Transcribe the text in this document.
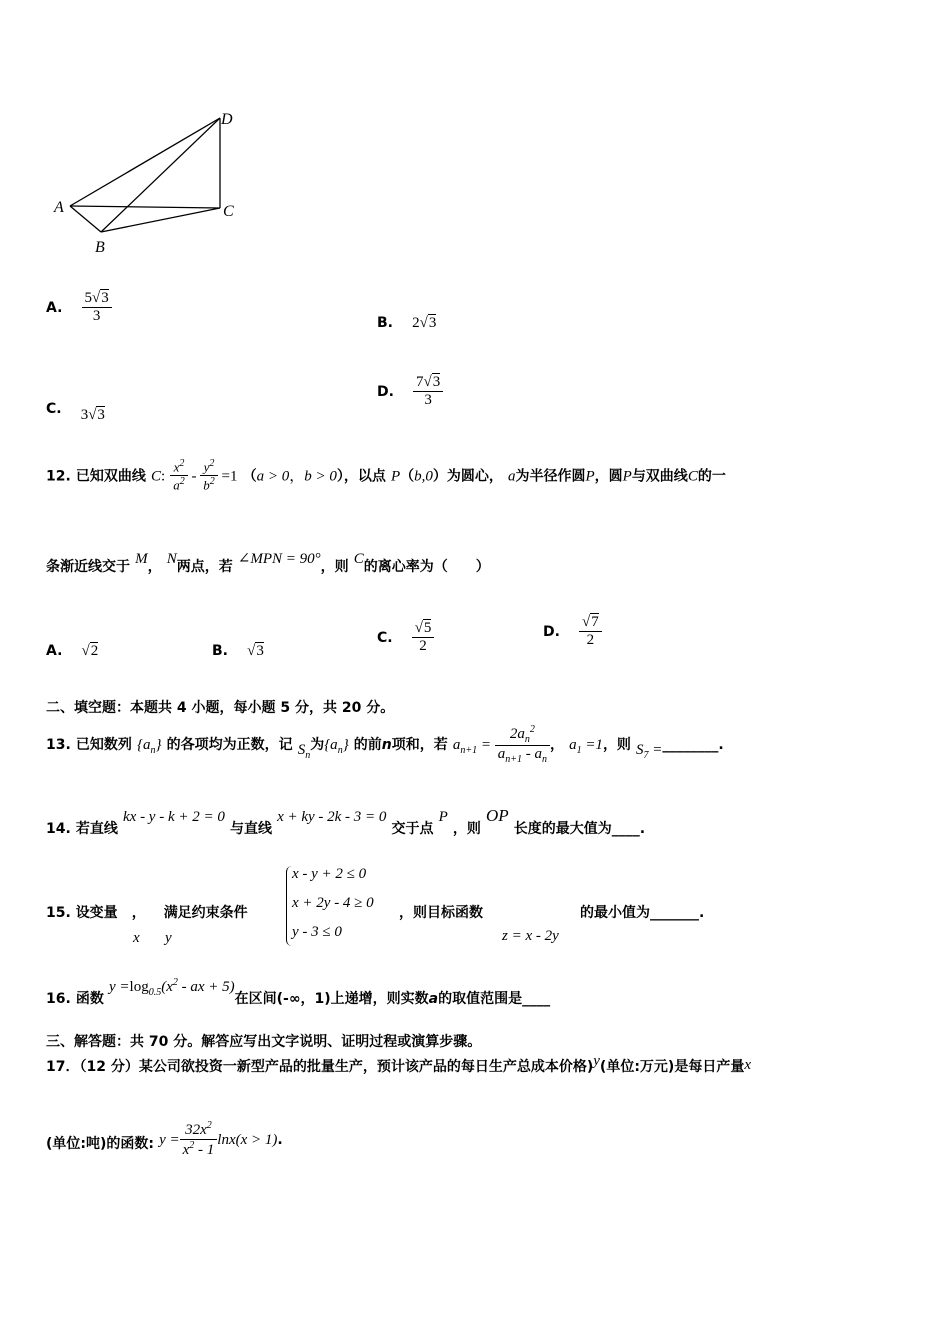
A
B
C
D
A. $\frac{5√3}{3}$	B. 2√3
C. 3√3
D. $\frac{7√3}{3}$
12. 已知双曲线 C: $\frac{x^2}{a^2} - \frac{y^2}{b^2} =1$ （a > 0，b > 0），以点 P（b,0）为圆心， a为半径作圆P，圆P与双曲线C的一
条渐近线交于 M， N两点，若 ∠MPN = 90°，则 C的离心率为（　　）
A. √2	B. √3
C. $\frac{√5}{2}$	D. $\frac{√7}{2}$
二、填空题：本题共 4 小题，每小题 5 分，共 20 分。
13. 已知数列 $\{a_n\}$ 的各项均为正数，记 $S_n$为$\{a_n\}$ 的前n项和，若 $a_{n+1} = \frac{2a_n^2}{a_{n+1} - a_n}$ ， $a_1 =1$，则 $S_7$ =________.
14. 若直线 kx - y - k + 2 = 0 与直线 x + ky - 2k - 3 = 0 交于点 P ，则 OP 长度的最大值为____.
15. 设变量 ， 满足约束条件
x y
x - y + 2 ≤ 0
x + 2y - 4 ≥ 0
y - 3 ≤ 0
，则目标函数
z = x - 2y
的最小值为_______.
16. 函数 $y =\log_{0.5}(x^2$ - ax + 5)在区间(-∞，1)上递增，则实数a的取值范围是____
三、解答题：共 70 分。解答应写出文字说明、证明过程或演算步骤。
17．（12 分）某公司欲投资一新型产品的批量生产，预计该产品的每日生产总成本价格)y(单位:万元)是每日产量x
(单位:吨)的函数: $y = \frac{32x^2}{x^2 - 1} \ln x(x > 1)$.
